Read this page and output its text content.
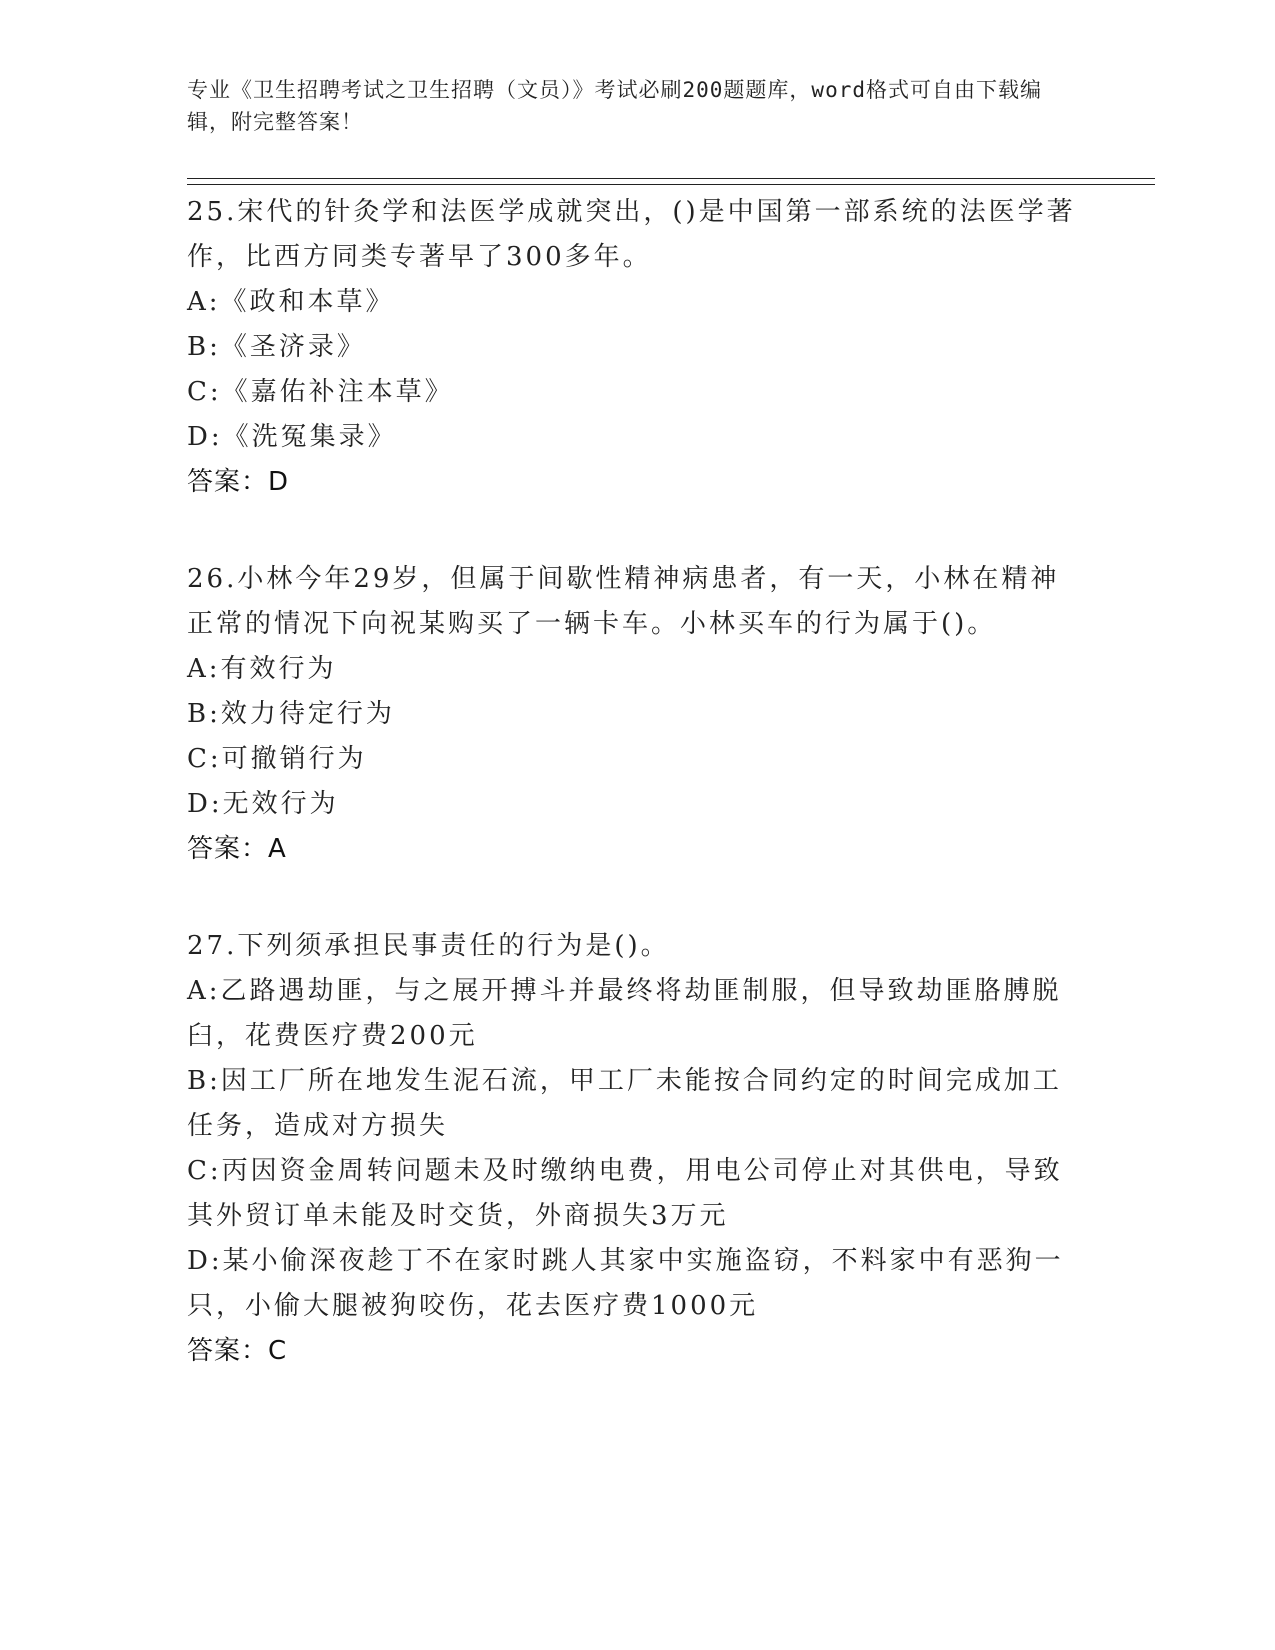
专业《卫生招聘考试之卫生招聘（文员）》考试必刷200题题库，word格式可自由下载编辑，附完整答案！
25.宋代的针灸学和法医学成就突出，()是中国第一部系统的法医学著作，比西方同类专著早了300多年。
A:《政和本草》
B:《圣济录》
C:《嘉佑补注本草》
D:《洗冤集录》
答案：D
26.小林今年29岁，但属于间歇性精神病患者，有一天，小林在精神正常的情况下向祝某购买了一辆卡车。小林买车的行为属于()。
A:有效行为
B:效力待定行为
C:可撤销行为
D:无效行为
答案：A
27.下列须承担民事责任的行为是()。
A:乙路遇劫匪，与之展开搏斗并最终将劫匪制服，但导致劫匪胳膊脱臼，花费医疗费200元
B:因工厂所在地发生泥石流，甲工厂未能按合同约定的时间完成加工任务，造成对方损失
C:丙因资金周转问题未及时缴纳电费，用电公司停止对其供电，导致其外贸订单未能及时交货，外商损失3万元
D:某小偷深夜趁丁不在家时跳人其家中实施盗窃，不料家中有恶狗一只，小偷大腿被狗咬伤，花去医疗费1000元
答案：C
